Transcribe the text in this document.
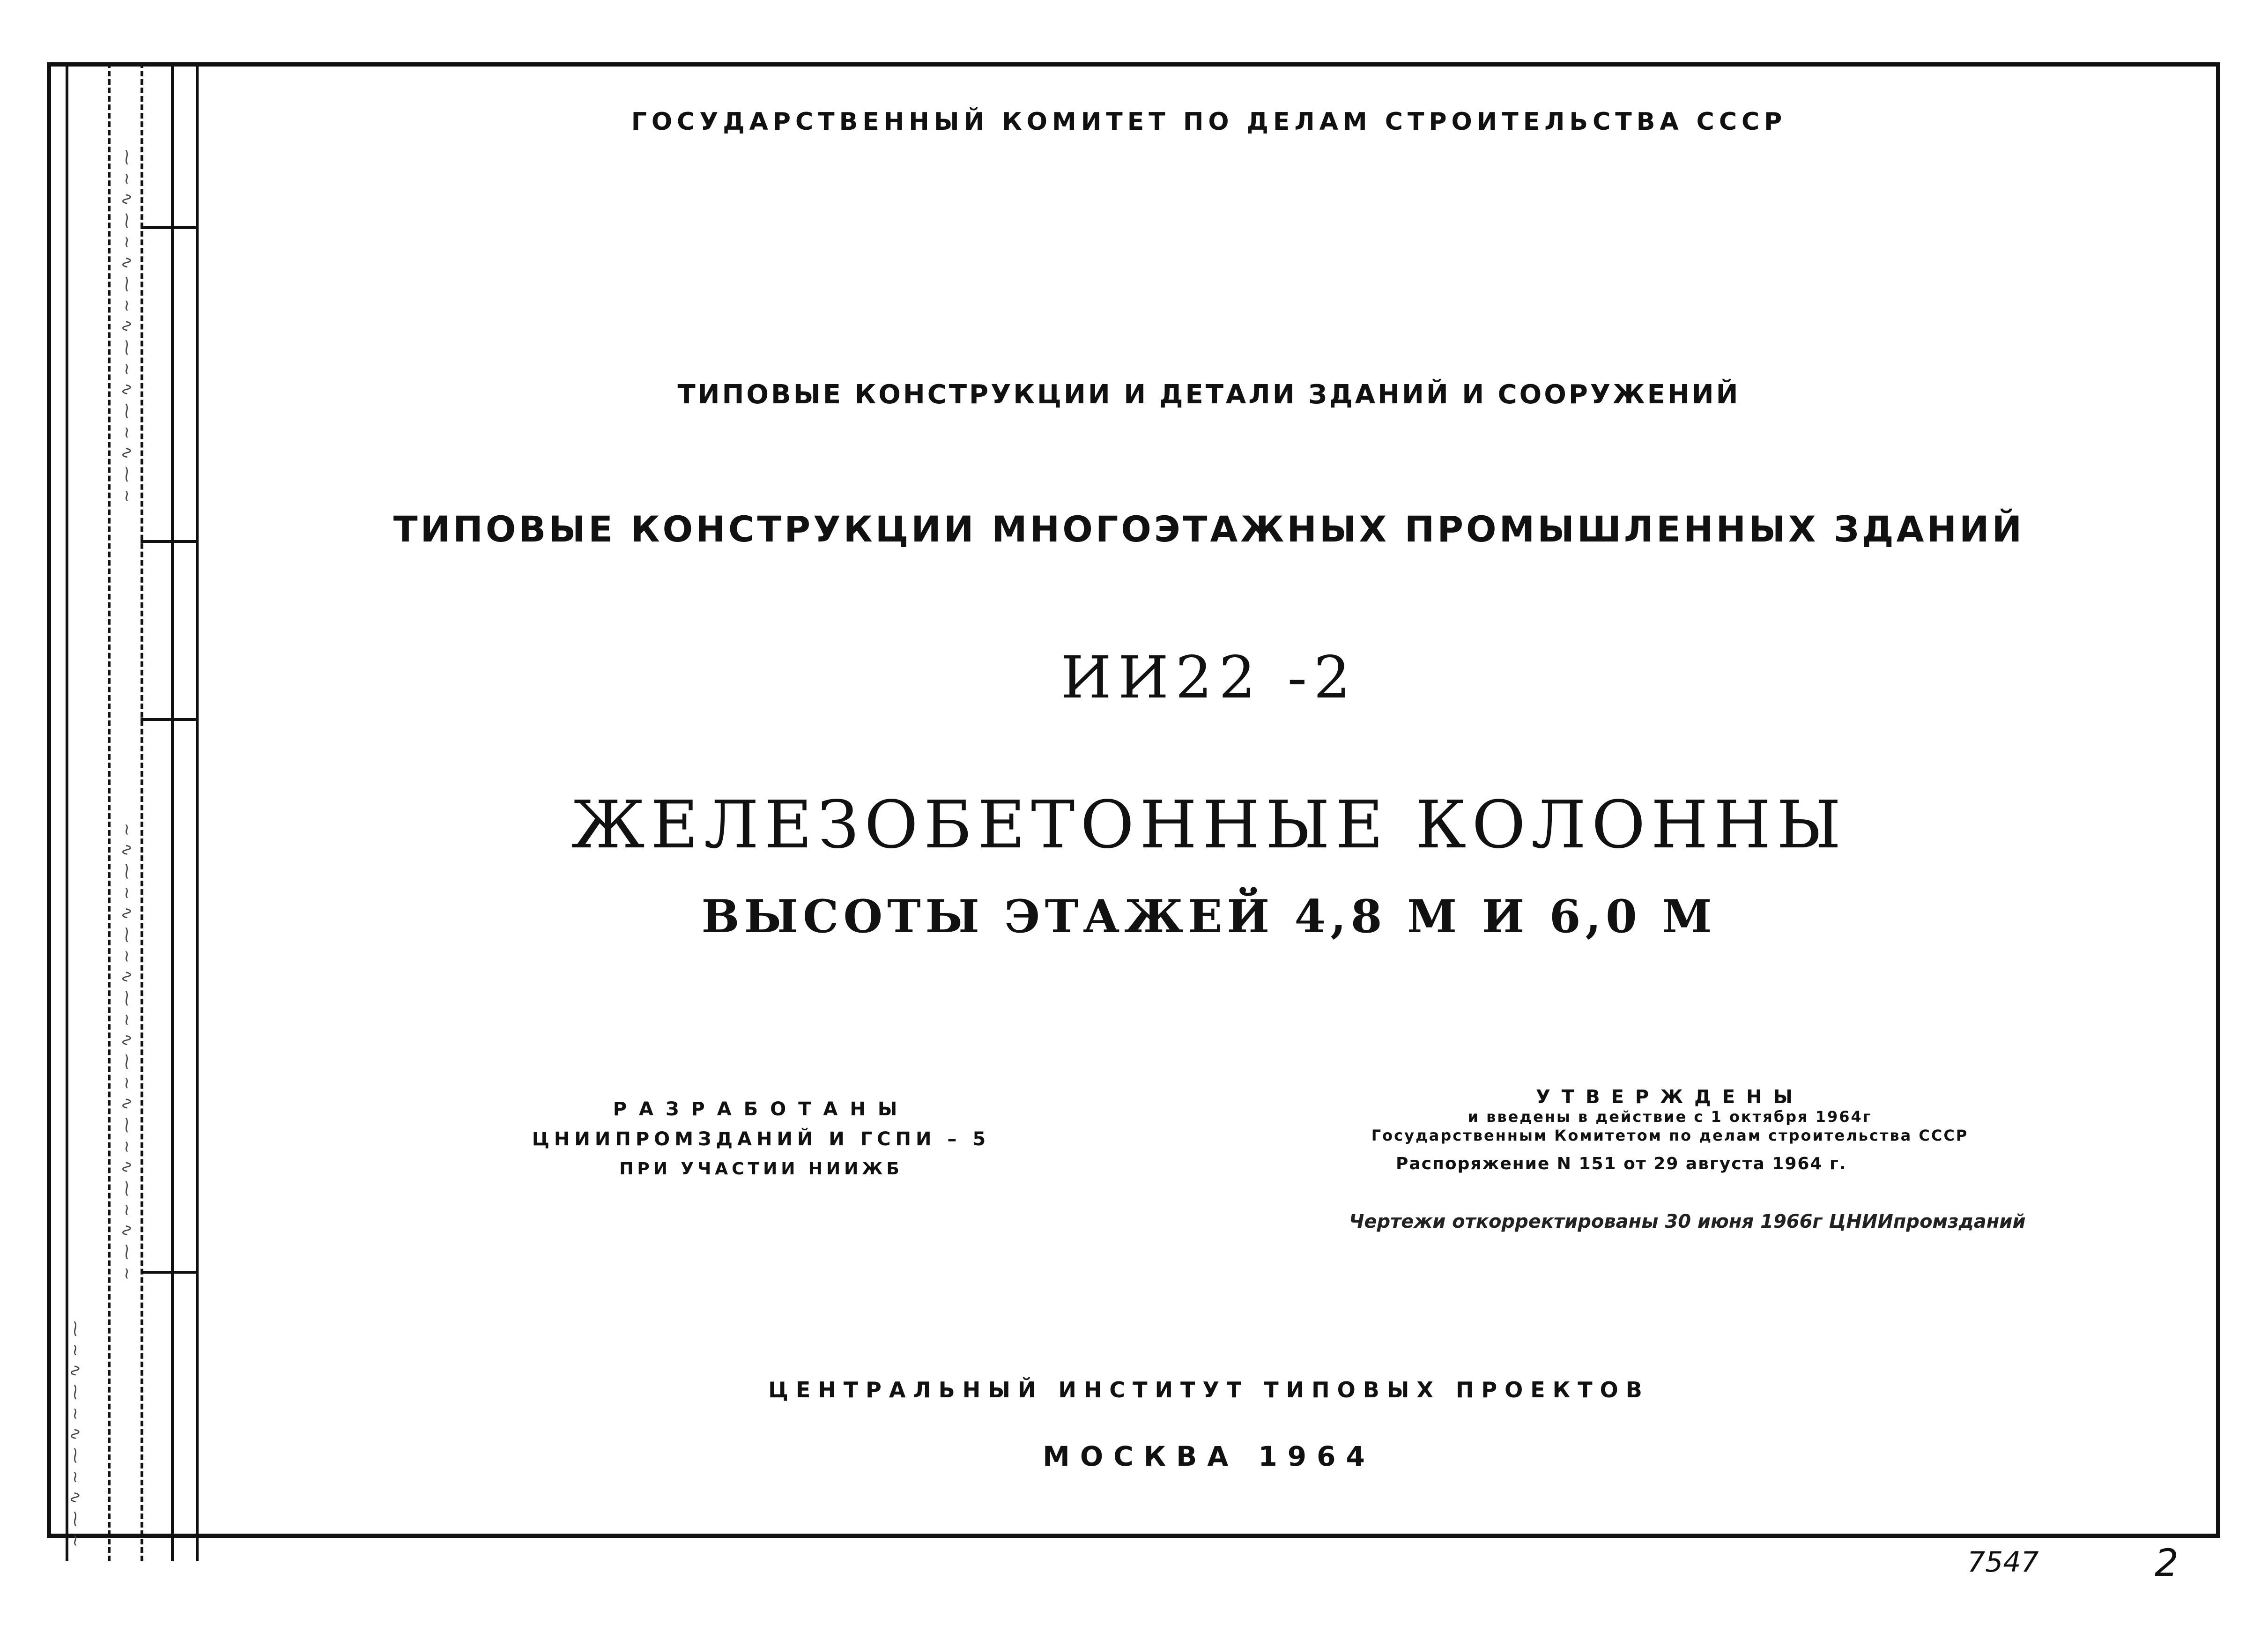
~ ⁓ ∿ ~ ⁓ ∿ ~ ⁓ ∿ ~ ⁓ ∿ ~ ⁓ ∿ ~ ⁓
~ ⁓ ∿ ~ ⁓ ∿ ~ ⁓ ∿ ~ ⁓ ∿ ~ ⁓ ∿ ~ ⁓ ∿ ~ ⁓ ∿ ~
~ ⁓ ∿ ~ ⁓ ∿ ~ ⁓ ∿ ~ ⁓
ГОСУДАРСТВЕННЫЙ КОМИТЕТ ПО ДЕЛАМ СТРОИТЕЛЬСТВА СССР
ТИПОВЫЕ КОНСТРУКЦИИ И ДЕТАЛИ ЗДАНИЙ И СООРУЖЕНИЙ
ТИПОВЫЕ КОНСТРУКЦИИ МНОГОЭТАЖНЫХ ПРОМЫШЛЕННЫХ ЗДАНИЙ
ИИ22 -2
ЖЕЛЕЗОБЕТОННЫЕ КОЛОННЫ
ВЫСОТЫ ЭТАЖЕЙ 4,8 М И 6,0 М
РАЗРАБОТАНЫ
ЦНИИПРОМЗДАНИЙ И ГСПИ – 5
ПРИ УЧАСТИИ НИИЖБ
УТВЕРЖДЕНЫ
и введены в действие с 1 октября 1964г
Государственным Комитетом по делам строительства СССР
Распоряжение N 151 от 29 августа 1964 г.
Чертежи откорректированы 30 июня 1966г ЦНИИпромзданий
ЦЕНТРАЛЬНЫЙ ИНСТИТУТ ТИПОВЫХ ПРОЕКТОВ
МОСКВА 1964
7547	2
